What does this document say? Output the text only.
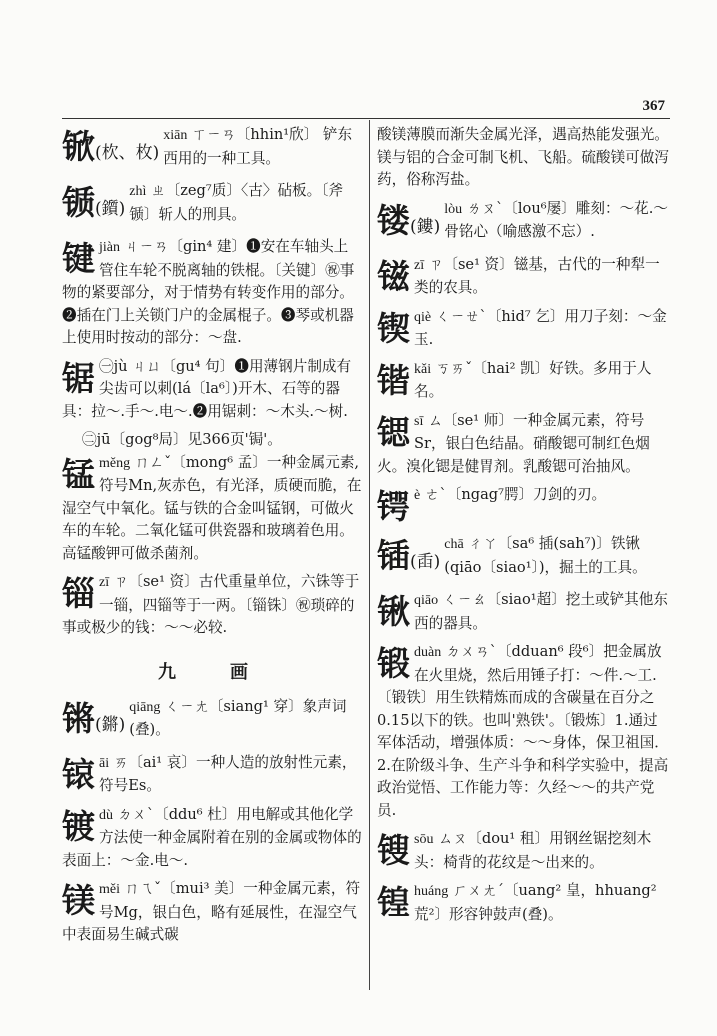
367
锨(杴、枚)
xiān ㄒㄧㄢ〔hhin¹欣〕 铲东西用的一种工具。
锧(鑕)
zhì ㄓ〔zeg⁷质〕〈古〉砧板。〔斧锧〕斩人的刑具。
键jiàn ㄐㄧㄢ〔gin⁴ 建〕❶安在车轴头上管住车轮不脱离轴的铁棍。〔关键〕㊗事物的紧要部分，对于情势有转变作用的部分。❷插在门上关锁门户的金属棍子。❸琴或机器上使用时按动的部分：～盘.
锯 ㊀jù ㄐㄩ〔gu⁴ 句〕❶用薄钢片制成有尖齿可以刺(lá〔la⁶〕)开木、石等的器具：拉～.手～.电～.❷用锯刺：～木头.～树.
㊁jū〔gog⁸局〕见366页'锔'。
锰měng ㄇㄥˇ〔mong⁶ 孟〕一种金属元素,符号Mn,灰赤色，有光泽，质硬而脆，在湿空气中氧化。锰与铁的合金叫锰钢，可做火车的车轮。二氧化锰可供瓷器和玻璃着色用。高锰酸钾可做杀菌剂。
锱zī ㄗ〔se¹ 资〕古代重量单位，六铢等于一锱，四锱等于一两。〔锱铢〕㊗琐碎的事或极少的钱：～～必较.
九　画
锵(鏘)
qiāng ㄑㄧㄤ〔siang¹ 穿〕象声词(叠)。
锿āi ㄞ〔ai¹ 哀〕一种人造的放射性元素，符号Es。
镀dù ㄉㄨˋ〔ddu⁶ 杜〕用电解或其他化学方法使一种金属附着在别的金属或物体的表面上：～金.电～.
镁měi ㄇㄟˇ〔mui³ 美〕一种金属元素，符号Mg，银白色，略有延展性，在湿空气中表面易生碱式碳
酸镁薄膜而渐失金属光泽，遇高热能发强光。镁与铝的合金可制飞机、飞船。硫酸镁可做泻药，俗称泻盐。
镂(鏤)
lòu ㄌㄡˋ〔lou⁶屡〕雕刻：～花.～骨铭心（喻感激不忘）.
镃zī ㄗ〔se¹ 资〕镃基，古代的一种犁一类的农具。
锲qiè ㄑㄧㄝˋ〔hid⁷ 乞〕用刀子刻：～金玉.
锴kǎi ㄎㄞˇ〔hai² 凯〕好铁。多用于人名。
锶sī ㄙ〔se¹ 师〕一种金属元素，符号Sr，银白色结晶。硝酸锶可制红色烟火。溴化锶是健胃剂。乳酸锶可治抽风。
锷è ㄜˋ〔ngag⁷腭〕刀剑的刃。
锸(臿)
chā ㄔㄚ〔sa⁶ 插(sah⁷)〕铁锹(qiāo〔siao¹〕)，掘土的工具。
锹qiāo ㄑㄧㄠ〔siao¹超〕挖土或铲其他东西的器具。
锻duàn ㄉㄨㄢˋ〔dduan⁶ 段⁶〕把金属放在火里烧，然后用锤子打：～件.～工.〔锻铁〕用生铁精炼而成的含碳量在百分之0.15以下的铁。也叫'熟铁'。〔锻炼〕1.通过军体活动，增强体质：～～身体，保卫祖国．2.在阶级斗争、生产斗争和科学实验中，提高政治觉悟、工作能力等：久经～～的共产党员.
锼sōu ㄙㄡ〔dou¹ 租〕用钢丝锯挖刻木头：椅背的花纹是～出来的。
锽huáng ㄏㄨㄤˊ〔uang² 皇，hhuang²荒²〕形容钟鼓声(叠)。
